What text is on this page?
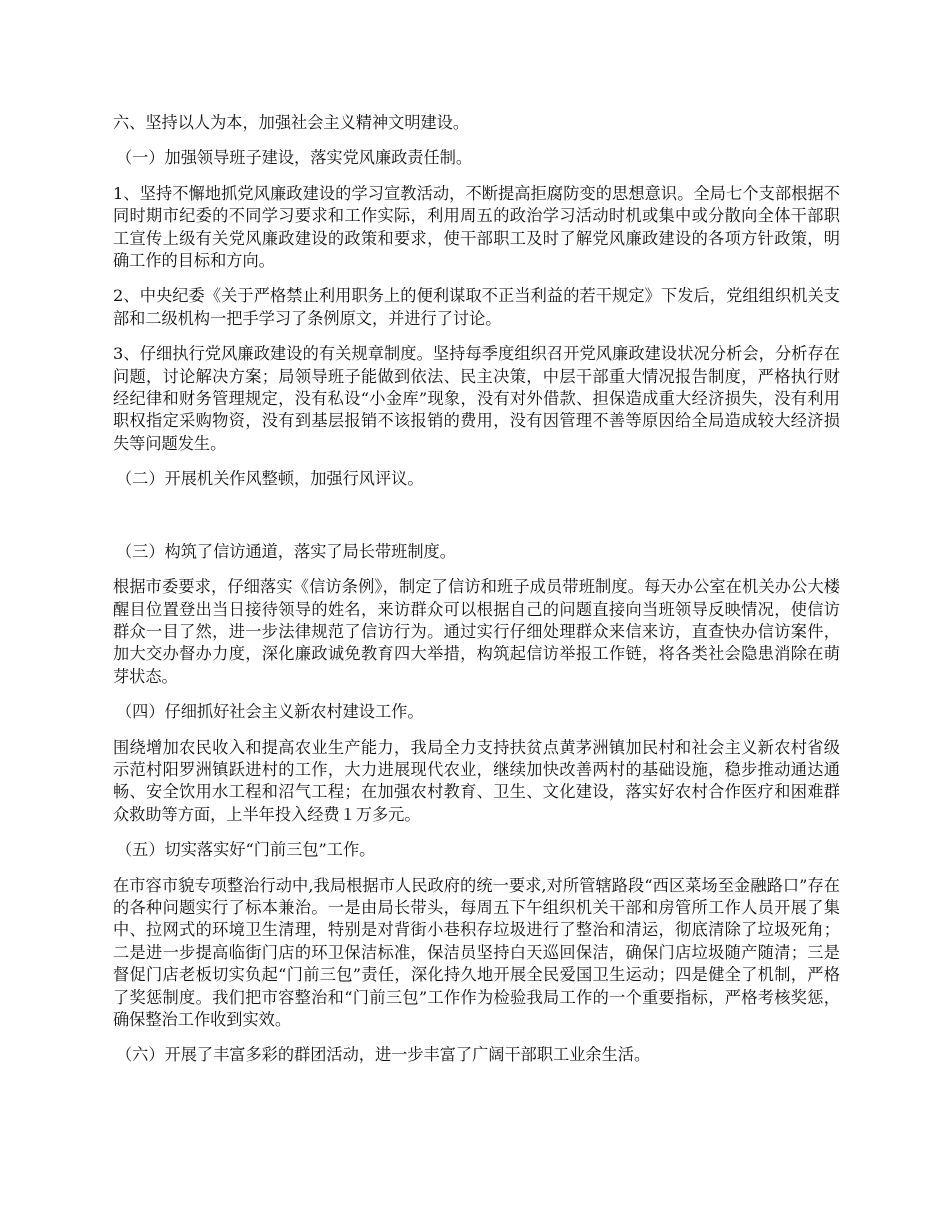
六、坚持以人为本，加强社会主义精神文明建设。

（一）加强领导班子建设，落实党风廉政责任制。

1、坚持不懈地抓党风廉政建设的学习宣教活动，不断提高拒腐防变的思想意识。全局七个支部根据不同时期市纪委的不同学习要求和工作实际，利用周五的政治学习活动时机或集中或分散向全体干部职工宣传上级有关党风廉政建设的政策和要求，使干部职工及时了解党风廉政建设的各项方针政策，明确工作的目标和方向。

2、中央纪委《关于严格禁止利用职务上的便利谋取不正当利益的若干规定》下发后，党组组织机关支部和二级机构一把手学习了条例原文，并进行了讨论。

3、仔细执行党风廉政建设的有关规章制度。坚持每季度组织召开党风廉政建设状况分析会，分析存在问题，讨论解决方案；局领导班子能做到依法、民主决策，中层干部重大情况报告制度，严格执行财经纪律和财务管理规定，没有私设“小金库”现象，没有对外借款、担保造成重大经济损失，没有利用职权指定采购物资，没有到基层报销不该报销的费用，没有因管理不善等原因给全局造成较大经济损失等问题发生。

（二）开展机关作风整顿，加强行风评议。

（三）构筑了信访通道，落实了局长带班制度。

根据市委要求，仔细落实《信访条例》，制定了信访和班子成员带班制度。每天办公室在机关办公大楼醒目位置登出当日接待领导的姓名，来访群众可以根据自己的问题直接向当班领导反映情况，使信访群众一目了然，进一步法律规范了信访行为。通过实行仔细处理群众来信来访，直查快办信访案件，加大交办督办力度，深化廉政诚免教育四大举措，构筑起信访举报工作链，将各类社会隐患消除在萌芽状态。

（四）仔细抓好社会主义新农村建设工作。

围绕增加农民收入和提高农业生产能力，我局全力支持扶贫点黄茅洲镇加民村和社会主义新农村省级示范村阳罗洲镇跃进村的工作，大力进展现代农业，继续加快改善两村的基础设施，稳步推动通达通畅、安全饮用水工程和沼气工程；在加强农村教育、卫生、文化建设，落实好农村合作医疗和困难群众救助等方面，上半年投入经费１万多元。

（五）切实落实好“门前三包”工作。

在市容市貌专项整治行动中,我局根据市人民政府的统一要求,对所管辖路段“西区菜场至金融路口”存在的各种问题实行了标本兼治。一是由局长带头，每周五下午组织机关干部和房管所工作人员开展了集中、拉网式的环境卫生清理，特别是对背街小巷积存垃圾进行了整治和清运，彻底清除了垃圾死角；二是进一步提高临街门店的环卫保洁标准，保洁员坚持白天巡回保洁，确保门店垃圾随产随清；三是督促门店老板切实负起“门前三包”责任，深化持久地开展全民爱国卫生运动；四是健全了机制，严格了奖惩制度。我们把市容整治和“门前三包”工作作为检验我局工作的一个重要指标，严格考核奖惩，确保整治工作收到实效。

（六）开展了丰富多彩的群团活动，进一步丰富了广阔干部职工业余生活。
